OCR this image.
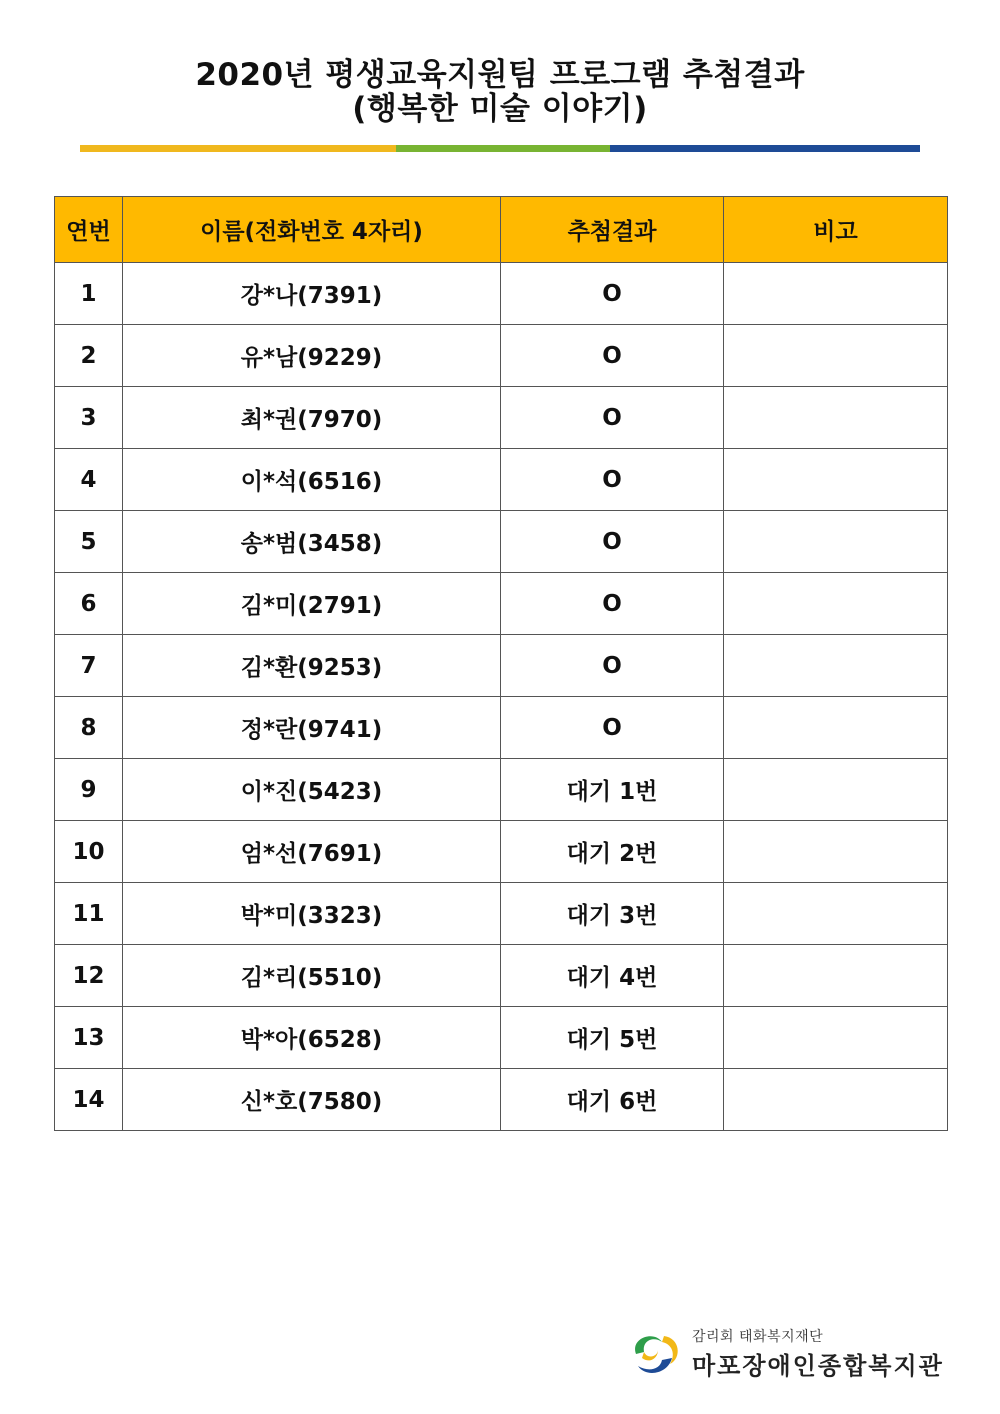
2020년 평생교육지원팀 프로그램 추첨결과
(행복한 미술 이야기)
연번	이름(전화번호 4자리)	추첨결과	비고
1	강*나(7391)	O	
2	유*남(9229)	O	
3	최*권(7970)	O	
4	이*석(6516)	O	
5	송*범(3458)	O	
6	김*미(2791)	O	
7	김*환(9253)	O	
8	정*란(9741)	O	
9	이*진(5423)	대기 1번	
10	엄*선(7691)	대기 2번	
11	박*미(3323)	대기 3번	
12	김*리(5510)	대기 4번	
13	박*아(6528)	대기 5번	
14	신*호(7580)	대기 6번	
감리회 태화복지재단
마포장애인종합복지관
